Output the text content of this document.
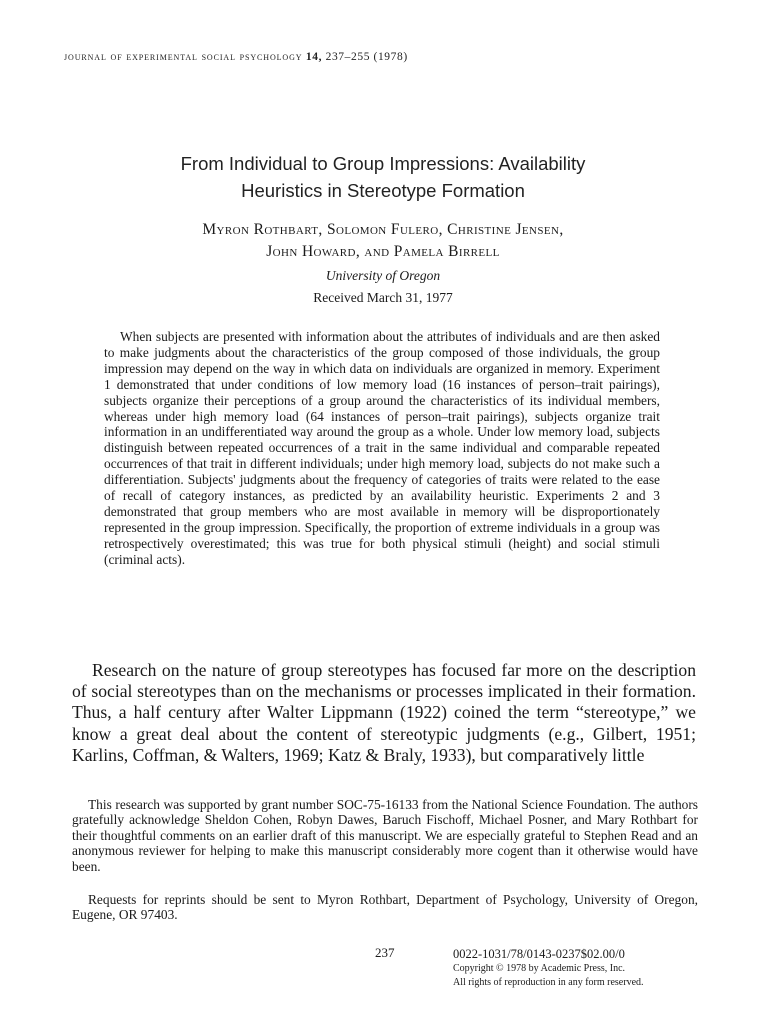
journal of experimental social psychology 14, 237–255 (1978)
From Individual to Group Impressions: Availability
Heuristics in Stereotype Formation
Myron Rothbart, Solomon Fulero, Christine Jensen,
John Howard, and Pamela Birrell
University of Oregon
Received March 31, 1977

When subjects are presented with information about the attributes of individuals and are then asked to make judgments about the characteristics of the group composed of those individuals, the group impression may depend on the way in which data on individuals are organized in memory. Experiment 1 demonstrated that under conditions of low memory load (16 instances of person–trait pairings), subjects organize their perceptions of a group around the characteristics of its individual members, whereas under high memory load (64 instances of person–trait pairings), subjects organize trait information in an undifferentiated way around the group as a whole. Under low memory load, subjects distinguish between repeated occurrences of a trait in the same individual and comparable repeated occurrences of that trait in different individuals; under high memory load, subjects do not make such a differentiation. Subjects' judgments about the frequency of categories of traits were related to the ease of recall of category instances, as predicted by an availability heuristic. Experiments 2 and 3 demonstrated that group members who are most available in memory will be disproportionately represented in the group impression. Specifically, the proportion of extreme individuals in a group was retrospectively overestimated; this was true for both physical stimuli (height) and social stimuli (criminal acts).

Research on the nature of group stereotypes has focused far more on the description of social stereotypes than on the mechanisms or processes implicated in their formation. Thus, a half century after Walter Lippmann (1922) coined the term “stereotype,” we know a great deal about the content of stereotypic judgments (e.g., Gilbert, 1951; Karlins, Coffman, & Walters, 1969; Katz & Braly, 1933), but comparatively little

This research was supported by grant number SOC-75-16133 from the National Science Foundation. The authors gratefully acknowledge Sheldon Cohen, Robyn Dawes, Baruch Fischoff, Michael Posner, and Mary Rothbart for their thoughtful comments on an earlier draft of this manuscript. We are especially grateful to Stephen Read and an anonymous reviewer for helping to make this manuscript considerably more cogent than it otherwise would have been.

Requests for reprints should be sent to Myron Rothbart, Department of Psychology, University of Oregon, Eugene, OR 97403.

237	0022-1031/78/0143-0237$02.00/0
Copyright © 1978 by Academic Press, Inc.
All rights of reproduction in any form reserved.
